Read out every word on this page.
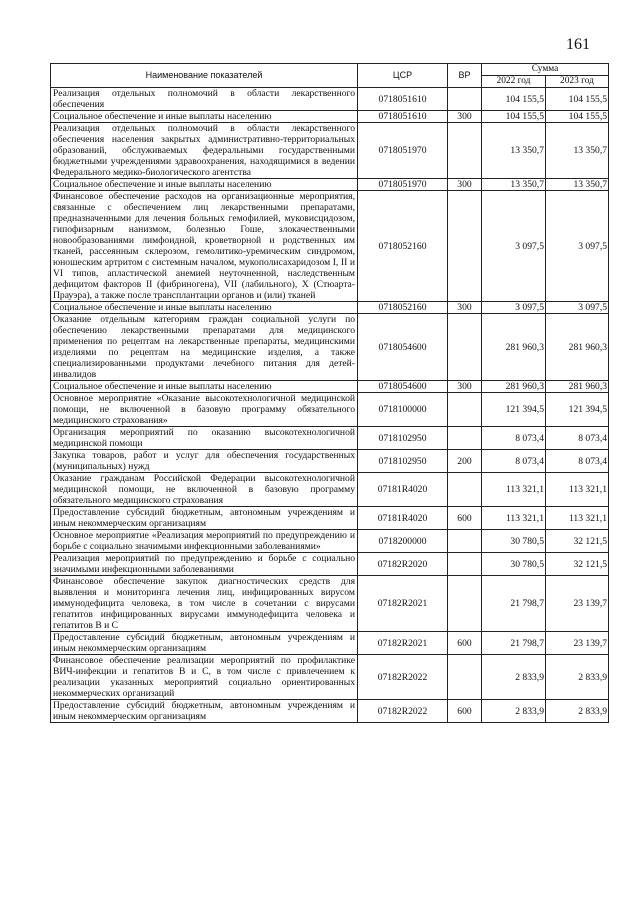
161
Наименование показателей	ЦСР	ВР	Сумма	
			2022 год	2023 год
Реализация отдельных полномочий в области лекарственного обеспечения	0718051610		104 155,5	104 155,5
Социальное обеспечение и иные выплаты населению	0718051610	300	104 155,5	104 155,5
Реализация отдельных полномочий в области лекарственного обеспечения населения закрытых административно-территориальных образований, обслуживаемых федеральными государственными бюджетными учреждениями здравоохранения, находящимися в ведении Федерального медико-биологического агентства	0718051970		13 350,7	13 350,7
Социальное обеспечение и иные выплаты населению	0718051970	300	13 350,7	13 350,7
Финансовое обеспечение расходов на организационные мероприятия, связанные с обеспечением лиц лекарственными препаратами, предназначенными для лечения больных гемофилией, муковисцидозом, гипофизарным нанизмом, болезнью Гоше, злокачественными новообразованиями лимфоидной, кроветворной и родственных им тканей, рассеянным склерозом, гемолитико-уремическим синдромом, юношеским артритом с системным началом, мукополисахаридозом I, II и VI типов, апластической анемией неуточненной, наследственным дефицитом факторов II (фибриногена), VII (лабильного), X (Стюарта-Прауэра), а также после трансплантации органов и (или) тканей	0718052160		3 097,5	3 097,5
Социальное обеспечение и иные выплаты населению	0718052160	300	3 097,5	3 097,5
Оказание отдельным категориям граждан социальной услуги по обеспечению лекарственными препаратами для медицинского применения по рецептам на лекарственные препараты, медицинскими изделиями по рецептам на медицинские изделия, а также специализированными продуктами лечебного питания для детей-инвалидов	0718054600		281 960,3	281 960,3
Социальное обеспечение и иные выплаты населению	0718054600	300	281 960,3	281 960,3
Основное мероприятие «Оказание высокотехнологичной медицинской помощи, не включенной в базовую программу обязательного медицинского страхования»	0718100000		121 394,5	121 394,5
Организация мероприятий по оказанию высокотехнологичной медицинской помощи	0718102950		8 073,4	8 073,4
Закупка товаров, работ и услуг для обеспечения государственных (муниципальных) нужд	0718102950	200	8 073,4	8 073,4
Оказание гражданам Российской Федерации высокотехнологичной медицинской помощи, не включенной в базовую программу обязательного медицинского страхования	07181R4020		113 321,1	113 321,1
Предоставление субсидий бюджетным, автономным учреждениям и иным некоммерческим организациям	07181R4020	600	113 321,1	113 321,1
Основное мероприятие «Реализация мероприятий по предупреждению и борьбе с социально значимыми инфекционными заболеваниями»	0718200000		30 780,5	32 121,5
Реализация мероприятий по предупреждению и борьбе с социально значимыми инфекционными заболеваниями	07182R2020		30 780,5	32 121,5
Финансовое обеспечение закупок диагностических средств для выявления и мониторинга лечения лиц, инфицированных вирусом иммунодефицита человека, в том числе в сочетании с вирусами гепатитов инфицированных вирусами иммунодефицита человека и гепатитов В и С	07182R2021		21 798,7	23 139,7
Предоставление субсидий бюджетным, автономным учреждениям и иным некоммерческим организациям	07182R2021	600	21 798,7	23 139,7
Финансовое обеспечение реализации мероприятий по профилактике ВИЧ-инфекции и гепатитов В и С, в том числе с привлечением к реализации указанных мероприятий социально ориентированных некоммерческих организаций	07182R2022		2 833,9	2 833,9
Предоставление субсидий бюджетным, автономным учреждениям и иным некоммерческим организациям	07182R2022	600	2 833,9	2 833,9
